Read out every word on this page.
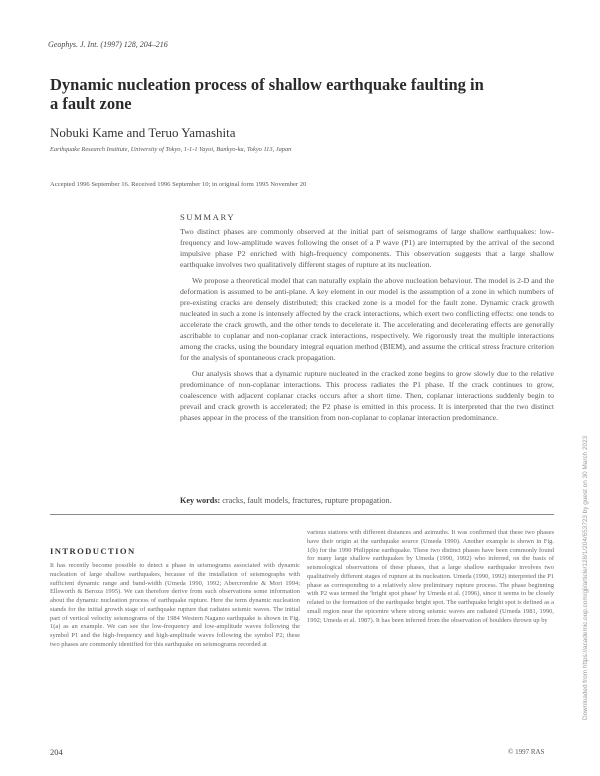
Geophys. J. Int. (1997) 128, 204–216
Dynamic nucleation process of shallow earthquake faulting in a fault zone
Nobuki Kame and Teruo Yamashita
Earthquake Research Institute, University of Tokyo, 1-1-1 Yayoi, Bunkyo-ku, Tokyo 113, Japan
Accepted 1996 September 16. Received 1996 September 10; in original form 1995 November 20
SUMMARY

Two distinct phases are commonly observed at the initial part of seismograms of large shallow earthquakes: low-frequency and low-amplitude waves following the onset of a P wave (P1) are interrupted by the arrival of the second impulsive phase P2 enriched with high-frequency components. This observation suggests that a large shallow earthquake involves two qualitatively different stages of rupture at its nucleation.

We propose a theoretical model that can naturally explain the above nucleation behaviour. The model is 2-D and the deformation is assumed to be anti-plane. A key element in our model is the assumption of a zone in which numbers of pre-existing cracks are densely distributed; this cracked zone is a model for the fault zone. Dynamic crack growth nucleated in such a zone is intensely affected by the crack interactions, which exert two conflicting effects: one tends to accelerate the crack growth, and the other tends to decelerate it. The accelerating and decelerating effects are generally ascribable to coplanar and non-coplanar crack interactions, respectively. We rigorously treat the multiple interactions among the cracks, using the boundary integral equation method (BIEM), and assume the critical stress fracture criterion for the analysis of spontaneous crack propagation.

Our analysis shows that a dynamic rupture nucleated in the cracked zone begins to grow slowly due to the relative predominance of non-coplanar interactions. This process radiates the P1 phase. If the crack continues to grow, coalescence with adjacent coplanar cracks occurs after a short time. Then, coplanar interactions suddenly begin to prevail and crack growth is accelerated; the P2 phase is emitted in this process. It is interpreted that the two distinct phases appear in the process of the transition from non-coplanar to coplanar interaction predominance.

Key words: cracks, fault models, fractures, rupture propagation.
INTRODUCTION

It has recently become possible to detect a phase in seismograms associated with dynamic nucleation of large shallow earthquakes, because of the installation of seismographs with sufficient dynamic range and band-width (Umeda 1990, 1992; Abercrombie & Mori 1994; Ellsworth & Beroza 1995). We can therefore derive from such observations some information about the dynamic nucleation process of earthquake rupture. Here the term dynamic nucleation stands for the initial growth stage of earthquake rupture that radiates seismic waves. The initial part of vertical velocity seismograms of the 1984 Western Nagano earthquake is shown in Fig. 1(a) as an example. We can see the low-frequency and low-amplitude waves following the symbol P1 and the high-frequency and high-amplitude waves following the symbol P2; these two phases are commonly identified for this earthquake on seismograms recorded at

various stations with different distances and azimuths. It was confirmed that these two phases have their origin at the earthquake source (Umeda 1990). Another example is shown in Fig. 1(b) for the 1990 Philippine earthquake. These two distinct phases have been commonly found for many large shallow earthquakes by Umeda (1990, 1992) who inferred, on the basis of seismological observations of these phases, that a large shallow earthquake involves two qualitatively different stages of rupture at its nucleation. Umeda (1990, 1992) interpreted the P1 phase as corresponding to a relatively slow preliminary rupture process. The phase beginning with P2 was termed the 'bright spot phase' by Umeda et al. (1996), since it seems to be closely related to the formation of the earthquake bright spot. The earthquake bright spot is defined as a small region near the epicentre where strong seismic waves are radiated (Umeda 1981, 1990, 1992; Umeda et al. 1987). It has been inferred from the observation of boulders thrown up by

204	© 1997 RAS
Downloaded from https://academic.oup.com/gji/article/128/1/204/653723 by guest on 30 March 2023
